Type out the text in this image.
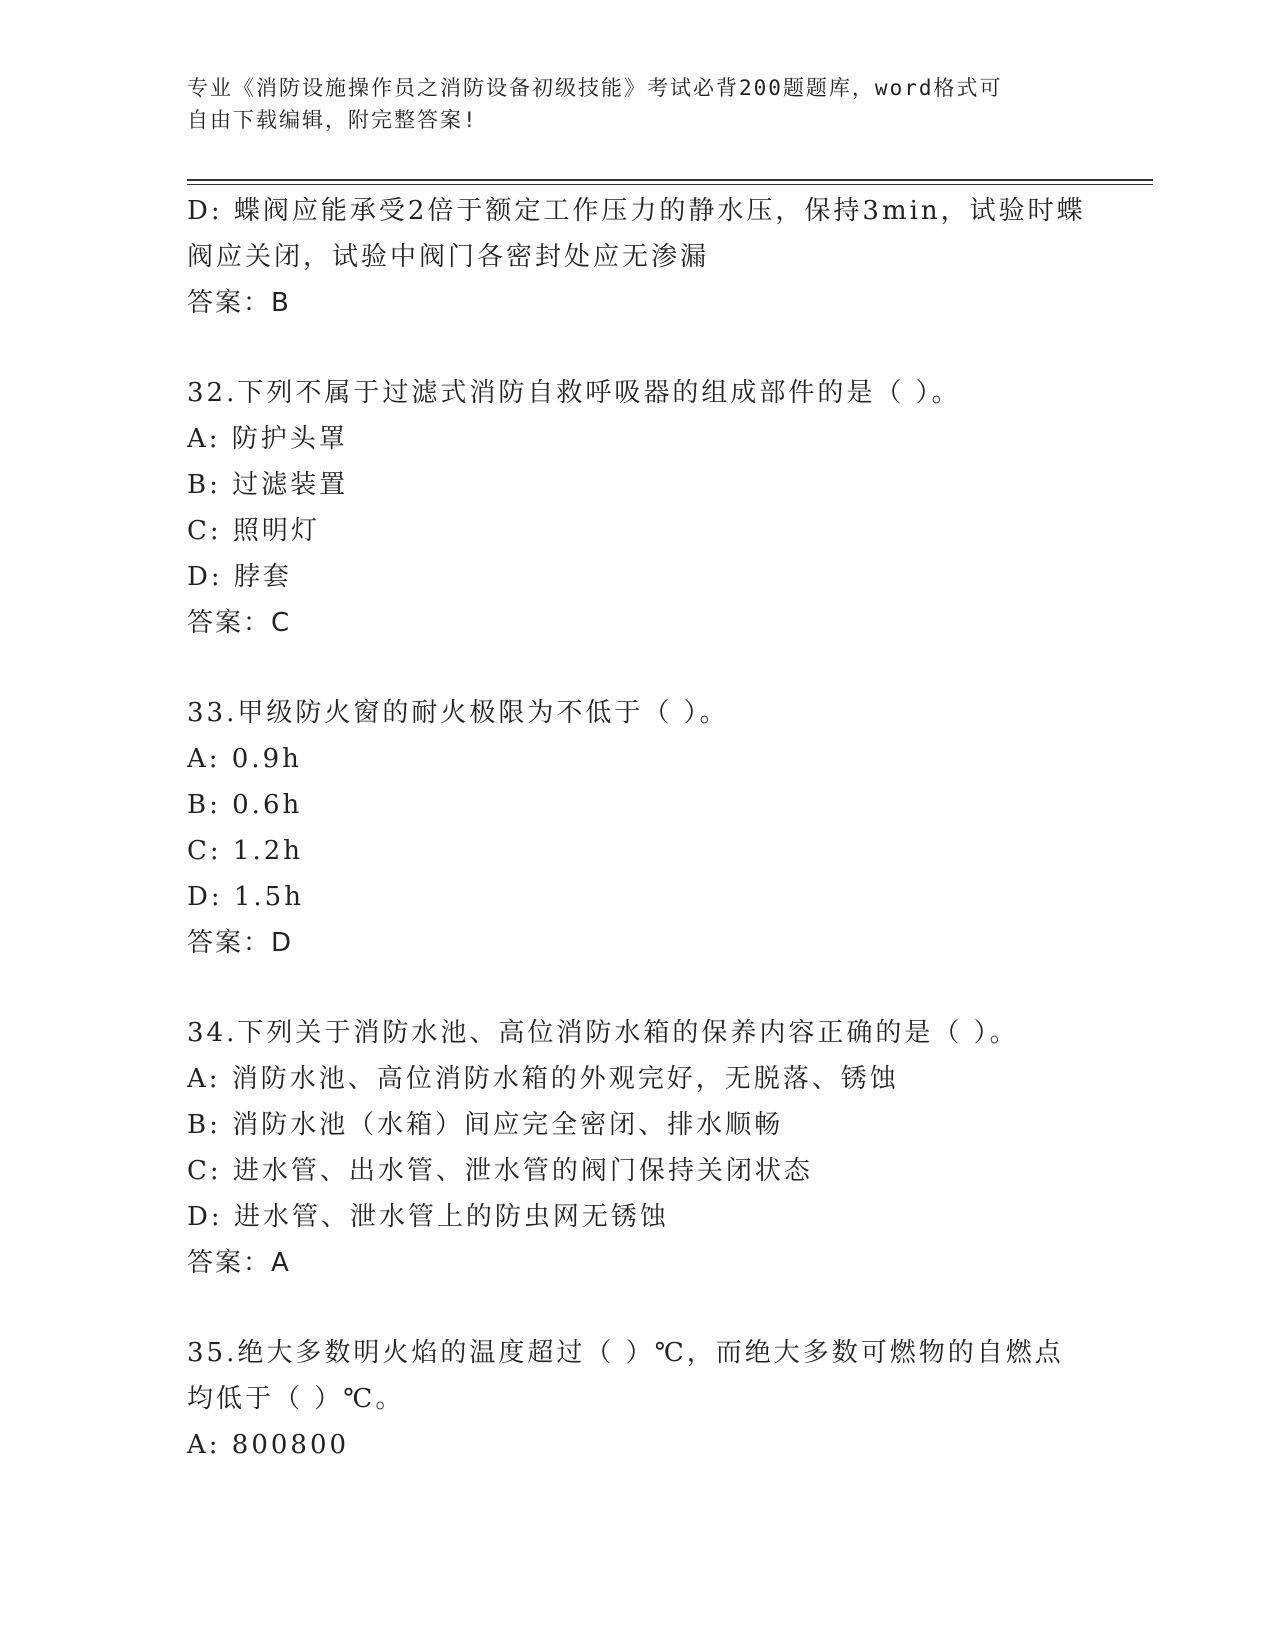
专业《消防设施操作员之消防设备初级技能》考试必背200题题库，word格式可
自由下载编辑，附完整答案!
D: 蝶阀应能承受2倍于额定工作压力的静水压，保持3min，试验时蝶
阀应关闭，试验中阀门各密封处应无渗漏
答案：B
32.下列不属于过滤式消防自救呼吸器的组成部件的是（ ）。
A: 防护头罩
B: 过滤装置
C: 照明灯
D: 脖套
答案：C
33.甲级防火窗的耐火极限为不低于（ ）。
A: 0.9h
B: 0.6h
C: 1.2h
D: 1.5h
答案：D
34.下列关于消防水池、高位消防水箱的保养内容正确的是（ ）。
A: 消防水池、高位消防水箱的外观完好，无脱落、锈蚀
B: 消防水池（水箱）间应完全密闭、排水顺畅
C: 进水管、出水管、泄水管的阀门保持关闭状态
D: 进水管、泄水管上的防虫网无锈蚀
答案：A
35.绝大多数明火焰的温度超过（ ）℃，而绝大多数可燃物的自燃点
均低于（ ）℃。
A: 800800
